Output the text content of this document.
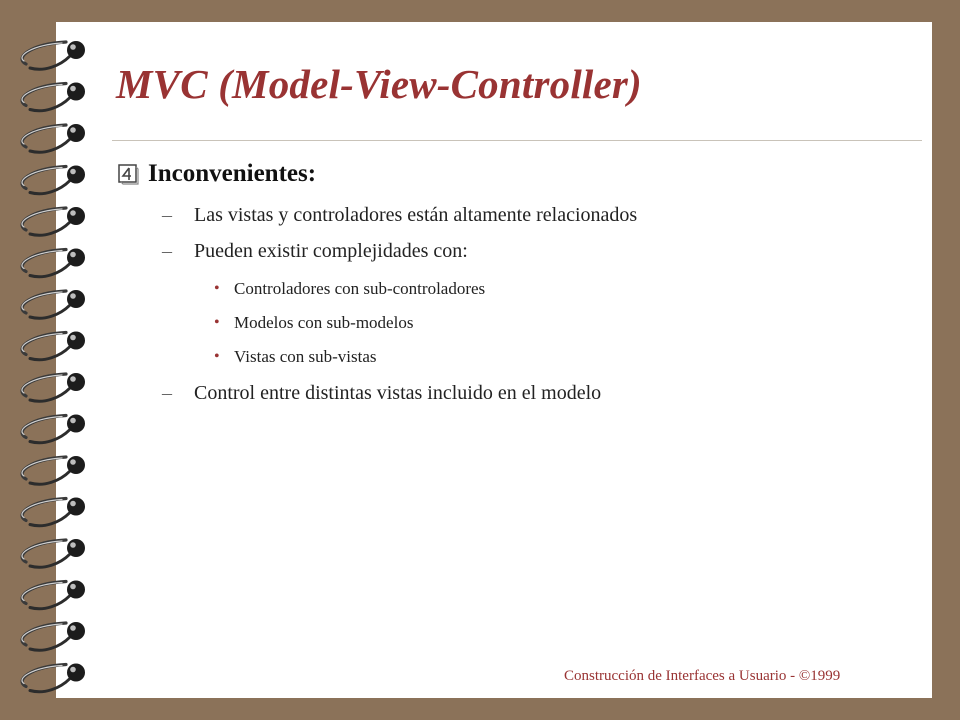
MVC (Model-View-Controller)
Inconvenientes:
–	Las vistas y controladores están altamente relacionados
–	Pueden existir complejidades con:
• Controladores con sub-controladores
• Modelos con sub-modelos
• Vistas con sub-vistas
–	Control entre distintas vistas incluido en el modelo
Construcción de Interfaces a Usuario - ©1999
